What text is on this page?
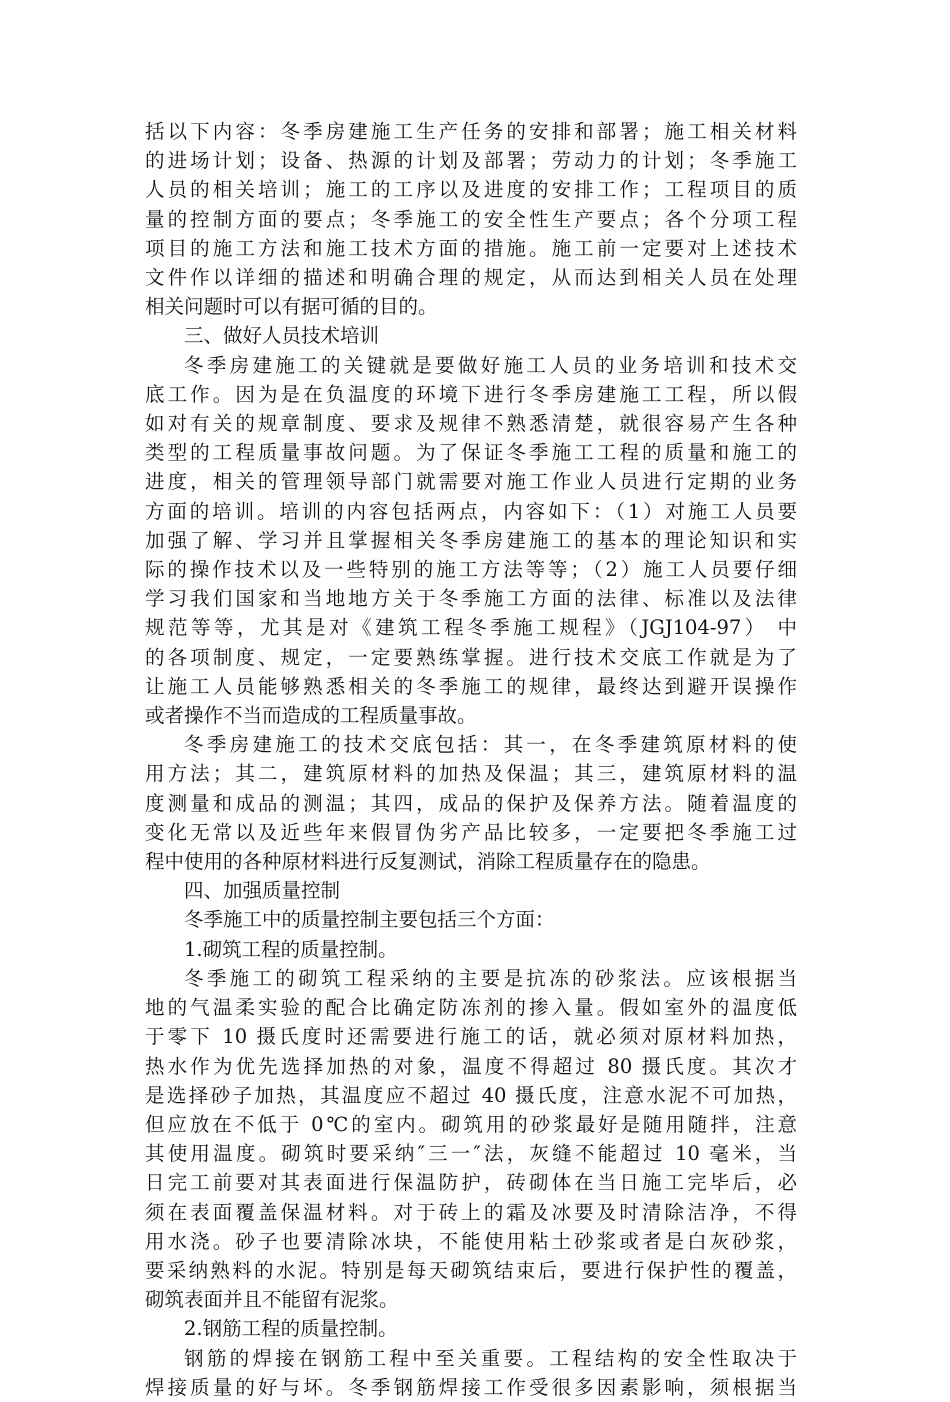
括以下内容：冬季房建施工生产任务的安排和部署；施工相关材料
的进场计划；设备、热源的计划及部署；劳动力的计划；冬季施工
人员的相关培训；施工的工序以及进度的安排工作；工程项目的质
量的控制方面的要点；冬季施工的安全性生产要点；各个分项工程
项目的施工方法和施工技术方面的措施。施工前一定要对上述技术
文件作以详细的描述和明确合理的规定，从而达到相关人员在处理
相关问题时可以有据可循的目的。
三、做好人员技术培训
冬季房建施工的关键就是要做好施工人员的业务培训和技术交
底工作。因为是在负温度的环境下进行冬季房建施工工程，所以假
如对有关的规章制度、要求及规律不熟悉清楚，就很容易产生各种
类型的工程质量事故问题。为了保证冬季施工工程的质量和施工的
进度，相关的管理领导部门就需要对施工作业人员进行定期的业务
方面的培训。培训的内容包括两点，内容如下：（1）对施工人员要
加强了解、学习并且掌握相关冬季房建施工的基本的理论知识和实
际的操作技术以及一些特别的施工方法等等；（2）施工人员要仔细
学习我们国家和当地地方关于冬季施工方面的法律、标准以及法律
规范等等，尤其是对《建筑工程冬季施工规程》（JGJ104-97） 中
的各项制度、规定，一定要熟练掌握。进行技术交底工作就是为了
让施工人员能够熟悉相关的冬季施工的规律，最终达到避开误操作
或者操作不当而造成的工程质量事故。
冬季房建施工的技术交底包括：其一，在冬季建筑原材料的使
用方法；其二，建筑原材料的加热及保温；其三，建筑原材料的温
度测量和成品的测温；其四，成品的保护及保养方法。随着温度的
变化无常以及近些年来假冒伪劣产品比较多，一定要把冬季施工过
程中使用的各种原材料进行反复测试，消除工程质量存在的隐患。
四、加强质量控制
冬季施工中的质量控制主要包括三个方面：
1.砌筑工程的质量控制。
冬季施工的砌筑工程采纳的主要是抗冻的砂浆法。应该根据当
地的气温柔实验的配合比确定防冻剂的掺入量。假如室外的温度低
于零下 10 摄氏度时还需要进行施工的话，就必须对原材料加热，
热水作为优先选择加热的对象，温度不得超过 80 摄氏度。其次才
是选择砂子加热，其温度应不超过 40 摄氏度，注意水泥不可加热，
但应放在不低于 0℃的室内。砌筑用的砂浆最好是随用随拌，注意
其使用温度。砌筑时要采纳″三一″法，灰缝不能超过 10 毫米，当
日完工前要对其表面进行保温防护，砖砌体在当日施工完毕后，必
须在表面覆盖保温材料。对于砖上的霜及冰要及时清除洁净，不得
用水浇。砂子也要清除冰块，不能使用粘土砂浆或者是白灰砂浆，
要采纳熟料的水泥。特别是每天砌筑结束后，要进行保护性的覆盖，
砌筑表面并且不能留有泥浆。
2.钢筋工程的质量控制。
钢筋的焊接在钢筋工程中至关重要。工程结构的安全性取决于
焊接质量的好与坏。冬季钢筋焊接工作受很多因素影响，须根据当
